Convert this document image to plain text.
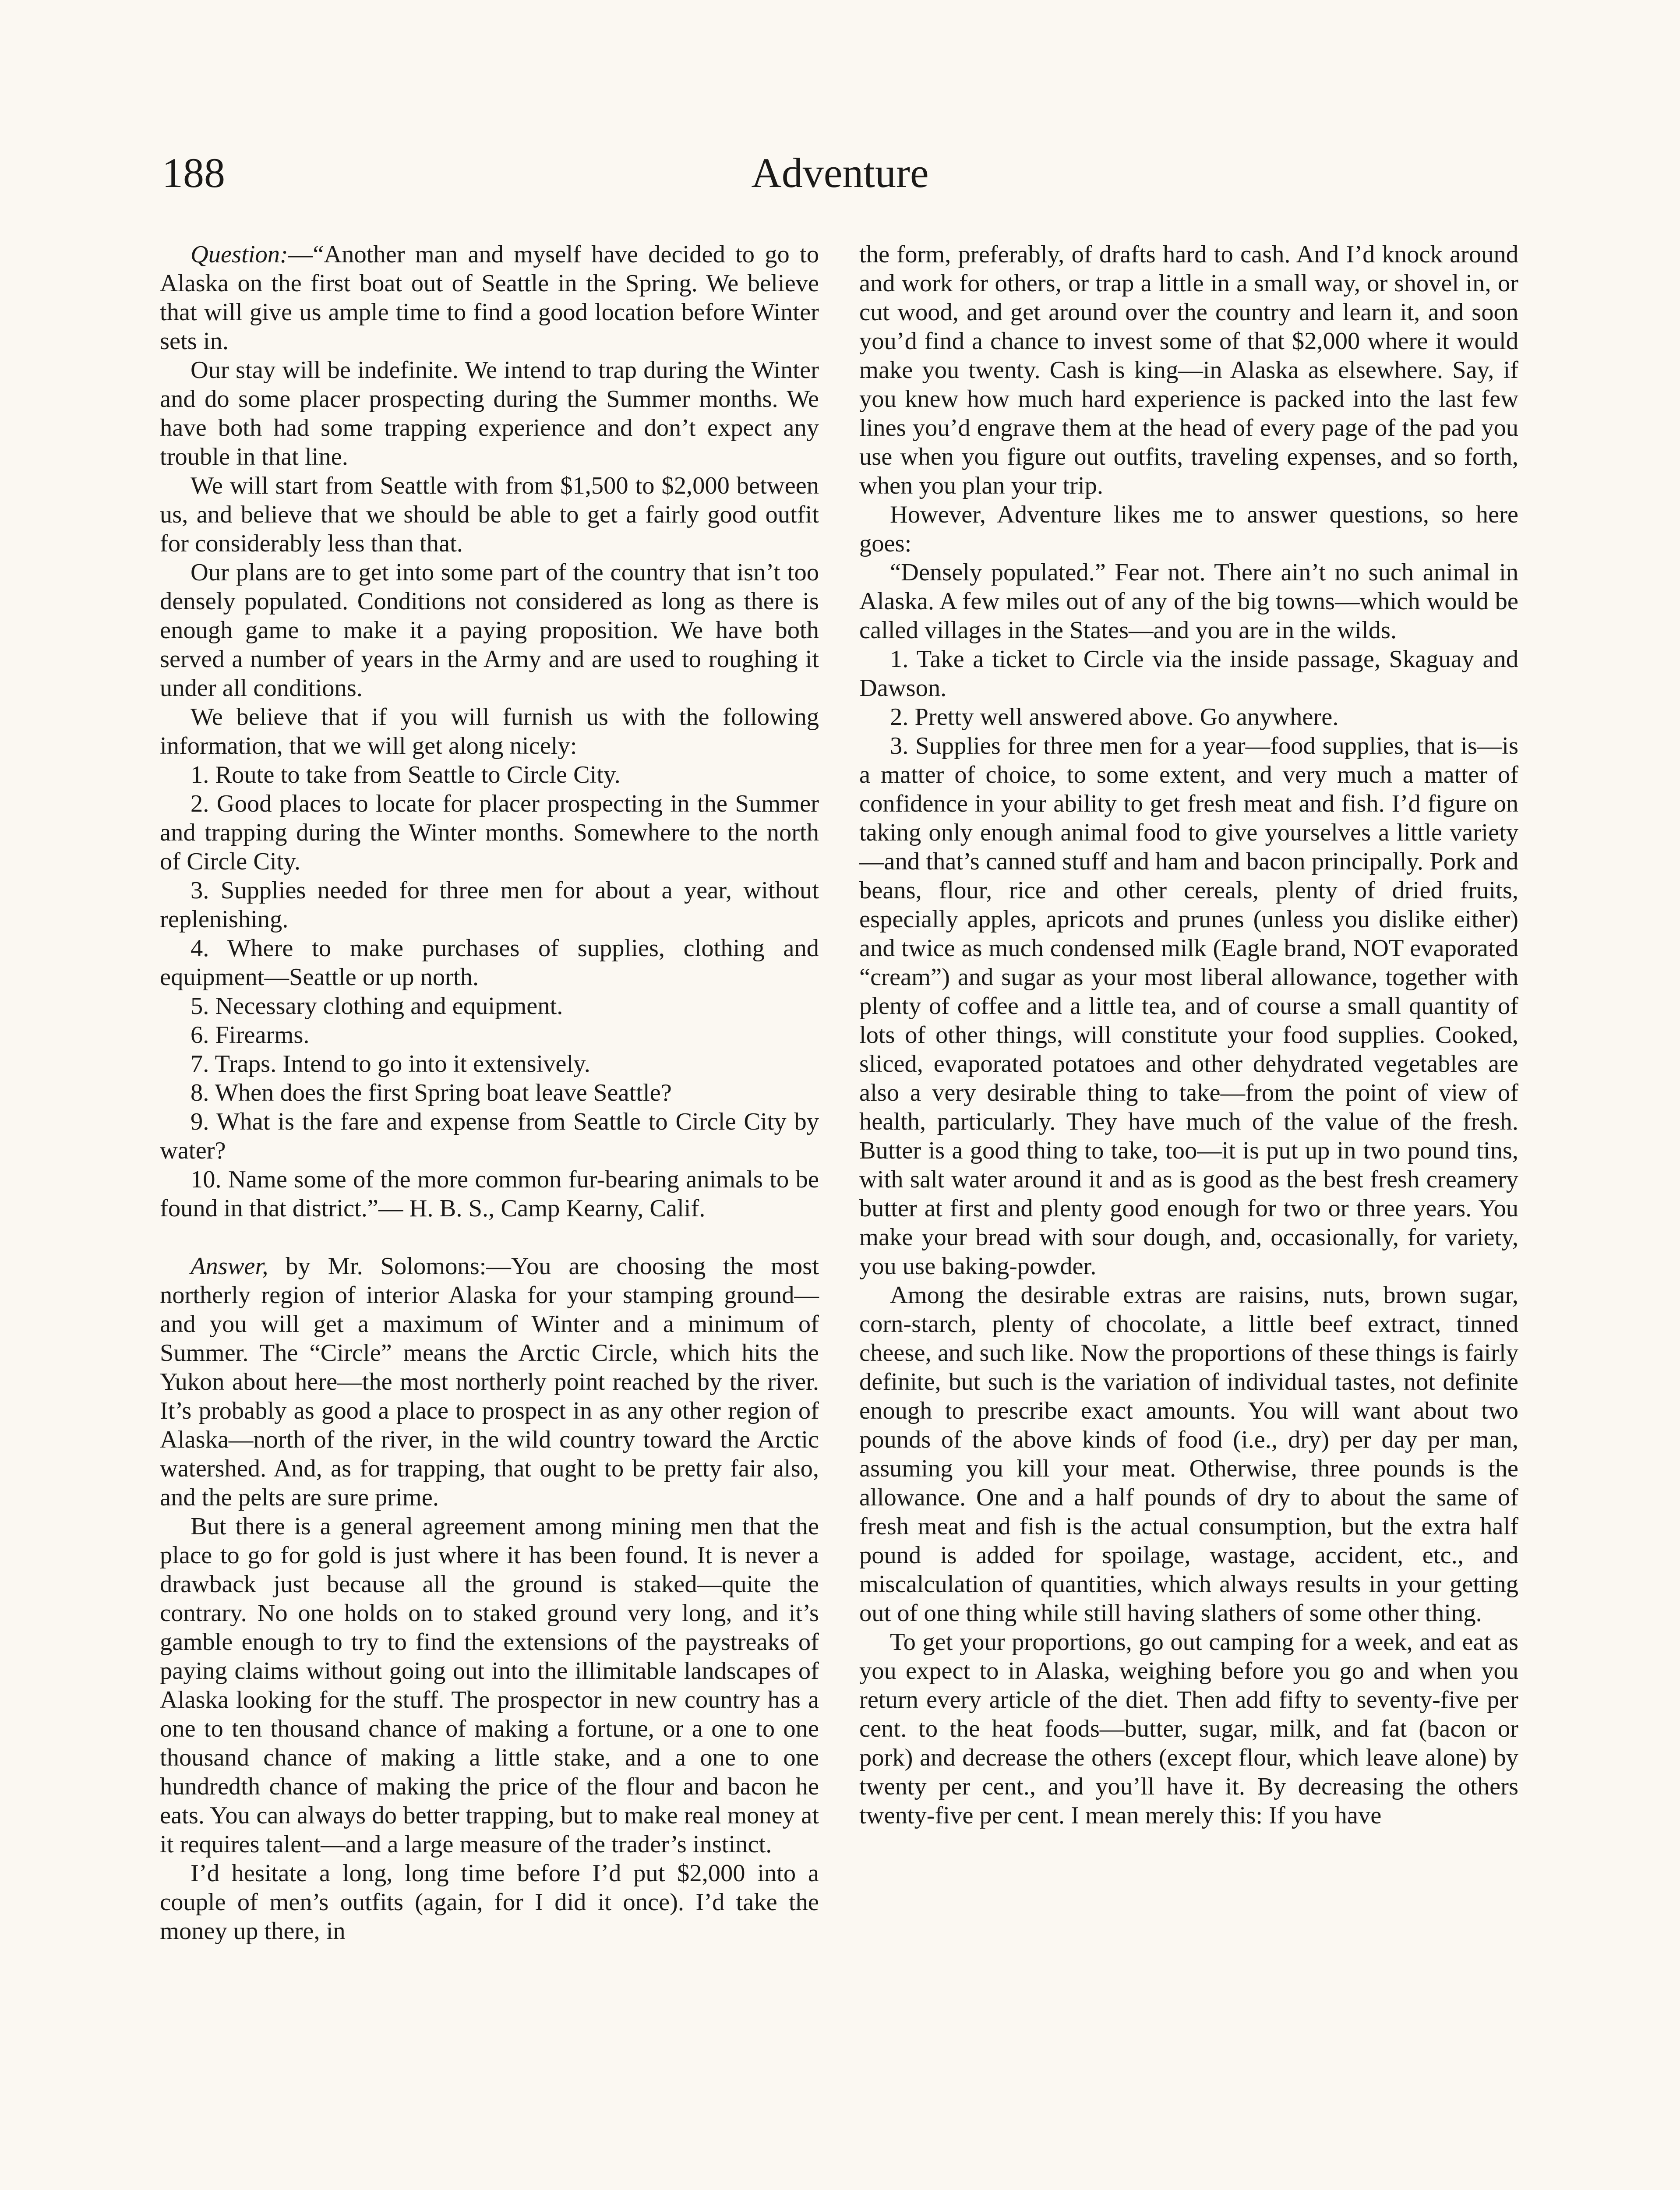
188	Adventure

Question:—“Another man and myself have decided to go to Alaska on the first boat out of Seattle in the Spring. We believe that will give us ample time to find a good location before Winter sets in.

Our stay will be indefinite. We intend to trap during the Winter and do some placer prospecting during the Summer months. We have both had some trapping experience and don’t expect any trouble in that line.

We will start from Seattle with from $1,500 to $2,000 between us, and believe that we should be able to get a fairly good outfit for considerably less than that.

Our plans are to get into some part of the country that isn’t too densely populated. Conditions not considered as long as there is enough game to make it a paying proposition. We have both served a number of years in the Army and are used to roughing it under all conditions.

We believe that if you will furnish us with the following information, that we will get along nicely:

1. Route to take from Seattle to Circle City.

2. Good places to locate for placer prospecting in the Summer and trapping during the Winter months. Somewhere to the north of Circle City.

3. Supplies needed for three men for about a year, without replenishing.

4. Where to make purchases of supplies, clothing and equipment—Seattle or up north.

5. Necessary clothing and equipment.

6. Firearms.

7. Traps. Intend to go into it extensively.

8. When does the first Spring boat leave Seattle?

9. What is the fare and expense from Seattle to Circle City by water?

10. Name some of the more common fur-bearing animals to be found in that district.”— H. B. S., Camp Kearny, Calif.

Answer, by Mr. Solomons:—You are choosing the most northerly region of interior Alaska for your stamping ground—and you will get a maximum of Winter and a minimum of Summer. The “Circle” means the Arctic Circle, which hits the Yukon about here—the most northerly point reached by the river. It’s probably as good a place to prospect in as any other region of Alaska—north of the river, in the wild country toward the Arctic watershed. And, as for trapping, that ought to be pretty fair also, and the pelts are sure prime.

But there is a general agreement among mining men that the place to go for gold is just where it has been found. It is never a drawback just because all the ground is staked—quite the contrary. No one holds on to staked ground very long, and it’s gamble enough to try to find the extensions of the paystreaks of paying claims without going out into the illimitable landscapes of Alaska looking for the stuff. The prospector in new country has a one to ten thousand chance of making a fortune, or a one to one thousand chance of making a little stake, and a one to one hundredth chance of making the price of the flour and bacon he eats. You can always do better trapping, but to make real money at it requires talent—and a large measure of the trader’s instinct.

I’d hesitate a long, long time before I’d put $2,000 into a couple of men’s outfits (again, for I did it once). I’d take the money up there, in

the form, preferably, of drafts hard to cash. And I’d knock around and work for others, or trap a little in a small way, or shovel in, or cut wood, and get around over the country and learn it, and soon you’d find a chance to invest some of that $2,000 where it would make you twenty. Cash is king—in Alaska as elsewhere. Say, if you knew how much hard experience is packed into the last few lines you’d engrave them at the head of every page of the pad you use when you figure out outfits, traveling expenses, and so forth, when you plan your trip.

However, Adventure likes me to answer questions, so here goes:

“Densely populated.” Fear not. There ain’t no such animal in Alaska. A few miles out of any of the big towns—which would be called villages in the States—and you are in the wilds.

1. Take a ticket to Circle via the inside passage, Skaguay and Dawson.

2. Pretty well answered above. Go anywhere.

3. Supplies for three men for a year—food supplies, that is—is a matter of choice, to some extent, and very much a matter of confidence in your ability to get fresh meat and fish. I’d figure on taking only enough animal food to give yourselves a little variety—and that’s canned stuff and ham and bacon principally. Pork and beans, flour, rice and other cereals, plenty of dried fruits, especially apples, apricots and prunes (unless you dislike either) and twice as much condensed milk (Eagle brand, NOT evaporated “cream”) and sugar as your most liberal allowance, together with plenty of coffee and a little tea, and of course a small quantity of lots of other things, will constitute your food supplies. Cooked, sliced, evaporated potatoes and other dehydrated vegetables are also a very desirable thing to take—from the point of view of health, particularly. They have much of the value of the fresh. Butter is a good thing to take, too—it is put up in two pound tins, with salt water around it and as is good as the best fresh creamery butter at first and plenty good enough for two or three years. You make your bread with sour dough, and, occasionally, for variety, you use baking-powder.

Among the desirable extras are raisins, nuts, brown sugar, corn-starch, plenty of chocolate, a little beef extract, tinned cheese, and such like. Now the proportions of these things is fairly definite, but such is the variation of individual tastes, not definite enough to prescribe exact amounts. You will want about two pounds of the above kinds of food (i.e., dry) per day per man, assuming you kill your meat. Otherwise, three pounds is the allowance. One and a half pounds of dry to about the same of fresh meat and fish is the actual consumption, but the extra half pound is added for spoilage, wastage, accident, etc., and miscalculation of quantities, which always results in your getting out of one thing while still having slathers of some other thing.

To get your proportions, go out camping for a week, and eat as you expect to in Alaska, weighing before you go and when you return every article of the diet. Then add fifty to seventy-five per cent. to the heat foods—butter, sugar, milk, and fat (bacon or pork) and decrease the others (except flour, which leave alone) by twenty per cent., and you’ll have it. By decreasing the others twenty-five per cent. I mean merely this: If you have
